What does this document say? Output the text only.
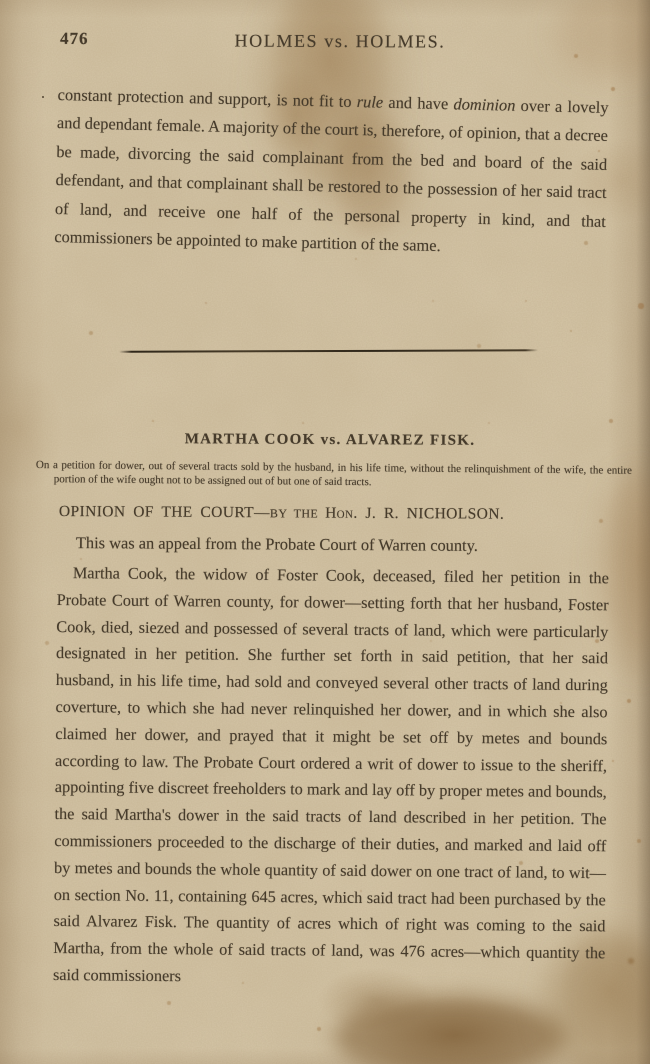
476	HOLMES vs. HOLMES.
constant protection and support, is not fit to rule and have dominion over a lovely and dependant female. A majority of the court is, therefore, of opinion, that a decree be made, divorcing the said complainant from the bed and board of the said defendant, and that complainant shall be restored to the possession of her said tract of land, and receive one half of the personal property in kind, and that commissioners be appointed to make partition of the same.
MARTHA COOK vs. ALVAREZ FISK.
On a petition for dower, out of several tracts sold by the husband, in his life time, without the relinquishment of the wife, the entire portion of the wife ought not to be assigned out of but one of said tracts.
OPINION OF THE COURT—BY THE Hon. J. R. NICHOLSON.
This was an appeal from the Probate Court of Warren county.
Martha Cook, the widow of Foster Cook, deceased, filed her petition in the Probate Court of Warren county, for dower—setting forth that her husband, Foster Cook, died, siezed and possessed of several tracts of land, which were particularly designated in her petition. She further set forth in said petition, that her said husband, in his life time, had sold and conveyed several other tracts of land during coverture, to which she had never relinquished her dower, and in which she also claimed her dower, and prayed that it might be set off by metes and bounds according to law. The Probate Court ordered a writ of dower to issue to the sheriff, appointing five discreet freeholders to mark and lay off by proper metes and bounds, the said Martha's dower in the said tracts of land described in her petition. The commissioners proceeded to the discharge of their duties, and marked and laid off by metes and bounds the whole quantity of said dower on one tract of land, to wit—on section No. 11, containing 645 acres, which said tract had been purchased by the said Alvarez Fisk. The quantity of acres which of right was coming to the said Martha, from the whole of said tracts of land, was 476 acres—which quantity the said commissioners
